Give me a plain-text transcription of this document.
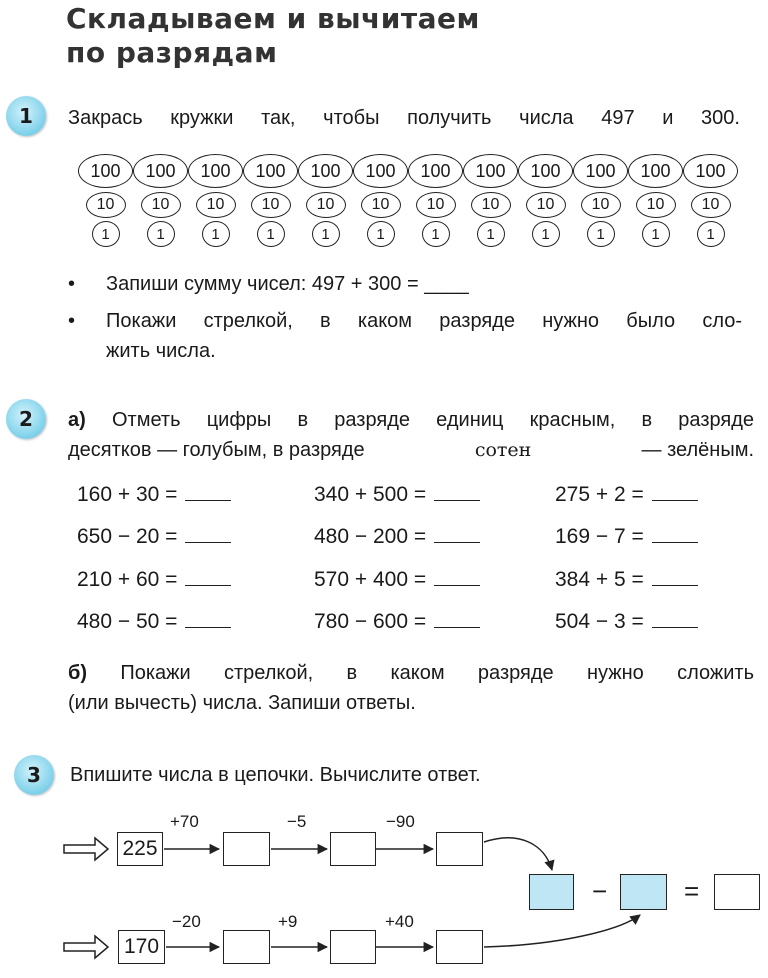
Складываем и вычитаем
по разрядам
1	Закрась кружки так, чтобы получить числа 497 и 300.
100	100	100	100	100	100	100	100	100	100	100	100
10	10	10	10	10	10	10	10	10	10	10	10
1	1	1	1	1	1	1	1	1	1	1	1
• Запиши сумму чисел: 497 + 300 = ____
• Покажи стрелкой, в каком разряде нужно было сло-
жить числа.
2	а) Отметь цифры в разряде единиц красным, в разряде
десятков — голубым, в разряде	сотен	— зелёным.
160 + 30 =	340 + 500 =	275 + 2 =
650 − 20 =	480 − 200 =	169 − 7 =
210 + 60 =	570 + 400 =	384 + 5 =
480 − 50 =	780 − 600 =	504 − 3 =
б) Покажи стрелкой, в каком разряде нужно сложить
(или вычесть) числа. Запиши ответы.
3	Впишите числа в цепочки. Вычислите ответ.
225
+70	−5	−90
−	=
170
−20	+9	+40
